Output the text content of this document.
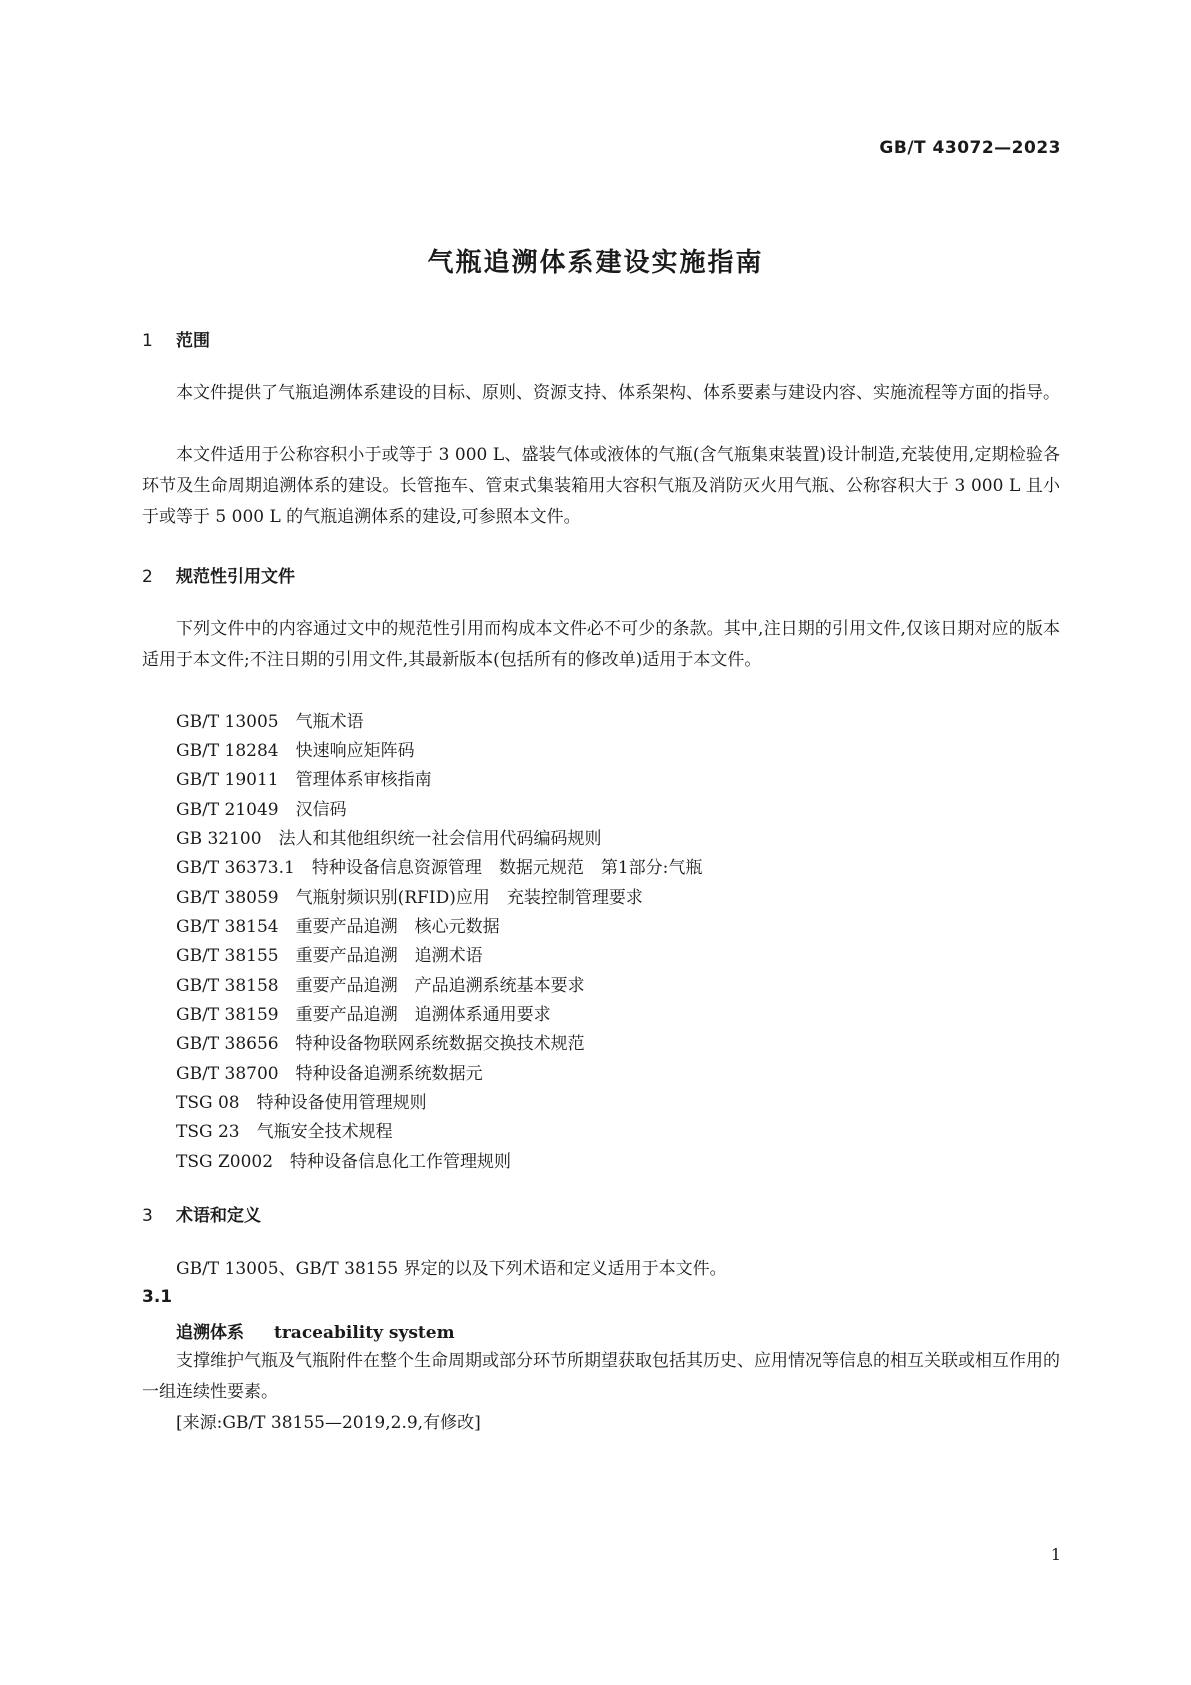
GB/T 43072—2023
气瓶追溯体系建设实施指南
1 范围

本文件提供了气瓶追溯体系建设的目标、原则、资源支持、体系架构、体系要素与建设内容、实施流程等方面的指导。

本文件适用于公称容积小于或等于 3 000 L、盛装气体或液体的气瓶(含气瓶集束装置)设计制造,充装使用,定期检验各环节及生命周期追溯体系的建设。长管拖车、管束式集装箱用大容积气瓶及消防灭火用气瓶、公称容积大于 3 000 L 且小于或等于 5 000 L 的气瓶追溯体系的建设,可参照本文件。

2 规范性引用文件

下列文件中的内容通过文中的规范性引用而构成本文件必不可少的条款。其中,注日期的引用文件,仅该日期对应的版本适用于本文件;不注日期的引用文件,其最新版本(包括所有的修改单)适用于本文件。

GB/T 13005　气瓶术语
GB/T 18284　快速响应矩阵码
GB/T 19011　管理体系审核指南
GB/T 21049　汉信码
GB 32100　法人和其他组织统一社会信用代码编码规则
GB/T 36373.1　特种设备信息资源管理　数据元规范　第1部分:气瓶
GB/T 38059　气瓶射频识别(RFID)应用　充装控制管理要求
GB/T 38154　重要产品追溯　核心元数据
GB/T 38155　重要产品追溯　追溯术语
GB/T 38158　重要产品追溯　产品追溯系统基本要求
GB/T 38159　重要产品追溯　追溯体系通用要求
GB/T 38656　特种设备物联网系统数据交换技术规范
GB/T 38700　特种设备追溯系统数据元
TSG 08　特种设备使用管理规则
TSG 23　气瓶安全技术规程
TSG Z0002　特种设备信息化工作管理规则
3 术语和定义

GB/T 13005、GB/T 38155 界定的以及下列术语和定义适用于本文件。

3.1
追溯体系 traceability system

支撑维护气瓶及气瓶附件在整个生命周期或部分环节所期望获取包括其历史、应用情况等信息的相互关联或相互作用的一组连续性要素。

[来源:GB/T 38155—2019,2.9,有修改]
1
